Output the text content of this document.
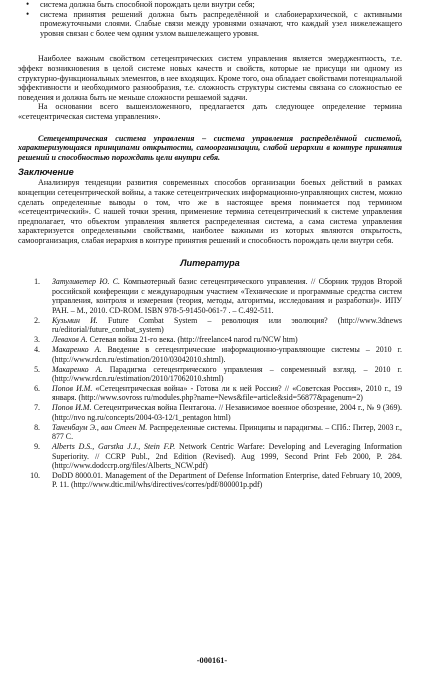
• система должна быть способной порождать цели внутри себя;
• система принятия решений должна быть распределённой и слабоиерархической, с активными промежуточными слоями. Слабые связи между уровнями означают, что каждый узел нижележащего уровня связан с более чем одним узлом вышележащего уровня.

Наиболее важным свойством сетецентрических систем управления является эмерджентность, т.е. эффект возникновения в целой системе новых качеств и свойств, которые не присущи ни одному из структурно-функциональных элементов, в нее входящих. Кроме того, она обладает свойствами потенциальной эффективности и необходимого разнообразия, т.е. сложность структуры системы связана со сложностью ее поведения и должна быть не меньше сложности решаемой задачи.

На основании всего вышеизложенного, предлагается дать следующее определение термина «сетецентрическая система управления».

Сетецентрическая система управления – система управления распределённой системой, характеризующаяся принципами открытости, самоорганизации, слабой иерархии в контуре принятия решений и способностью порождать цели внутри себя.

Заключение

Анализируя тенденции развития современных способов организации боевых действий в рамках концепции сетецентрической войны, а также сетецентрических информационно-управляющих систем, можно сделать определенные выводы о том, что же в настоящее время понимается под термином «сетецентрический». С нашей точки зрения, применение термина сетецентрический к системе управления предполагает, что объектом управления является распределенная система, а сама система управления характеризуется определенными свойствами, наиболее важными из которых являются открытость, самоорганизация, слабая иерархия в контуре принятия решений и способность порождать цели внутри себя.

Литература
1. Затуливетер Ю. С. Компьютерный базис сетецентрического управления. // Сборник трудов Второй российской конференции с международным участием «Технические и программные средства систем управления, контроля и измерения (теория, методы, алгоритмы, исследования и разработки)». ИПУ РАН. – М., 2010. CD-ROM. ISBN 978-5-91450-061-7 . – С.492-511.
2. Кузьмин И. Future Combat System – революция или эволюция? (http://www.3dnews ru/editorial/future_combat_system)
3. Левахов А. Сетевая война 21-го века. (http://freelance4 narod ru/NCW htm)
4. Макаренко А. Введение в сетецентрические информационно-управляющие системы – 2010 г. (http://www.rdcn.ru/estimation/2010/03042010.shtml).
5. Макаренко А. Парадигма сетецентрического управления – современный взгляд. – 2010 г. (http://www.rdcn.ru/estimation/2010/17062010.shtml)
6. Попов И.М. «Сетецентрическая война» - Готова ли к ней Россия? // «Советская Россия», 2010 г., 19 января. (http://www.sovross ru/modules.php?name=News&file=article&sid=56877&pagenum=2)
7. Попов И.М. Сетецентрическая война Пентагона. // Независимое военное обозрение, 2004 г., № 9 (369). (http://nvo ng.ru/concepts/2004-03-12/1_pentagon html)
8. Таненбаум Э., ван Стеен М. Распределенные системы. Принципы и парадигмы. – СПб.: Питер, 2003 г., 877 С.
9. Alberts D.S., Garstka J.J., Stein F.P. Network Centric Warfare: Developing and Leveraging Information Superiority. // CCRP Publ., 2nd Edition (Revised). Aug 1999, Second Print Feb 2000, P. 284. (http://www.dodccrp.org/files/Alberts_NCW.pdf)
10. DoDD 8000.01. Management of the Department of Defense Information Enterprise, dated February 10, 2009, P. 11. (http://www.dtic.mil/whs/directives/corres/pdf/800001p.pdf)
-000161-
